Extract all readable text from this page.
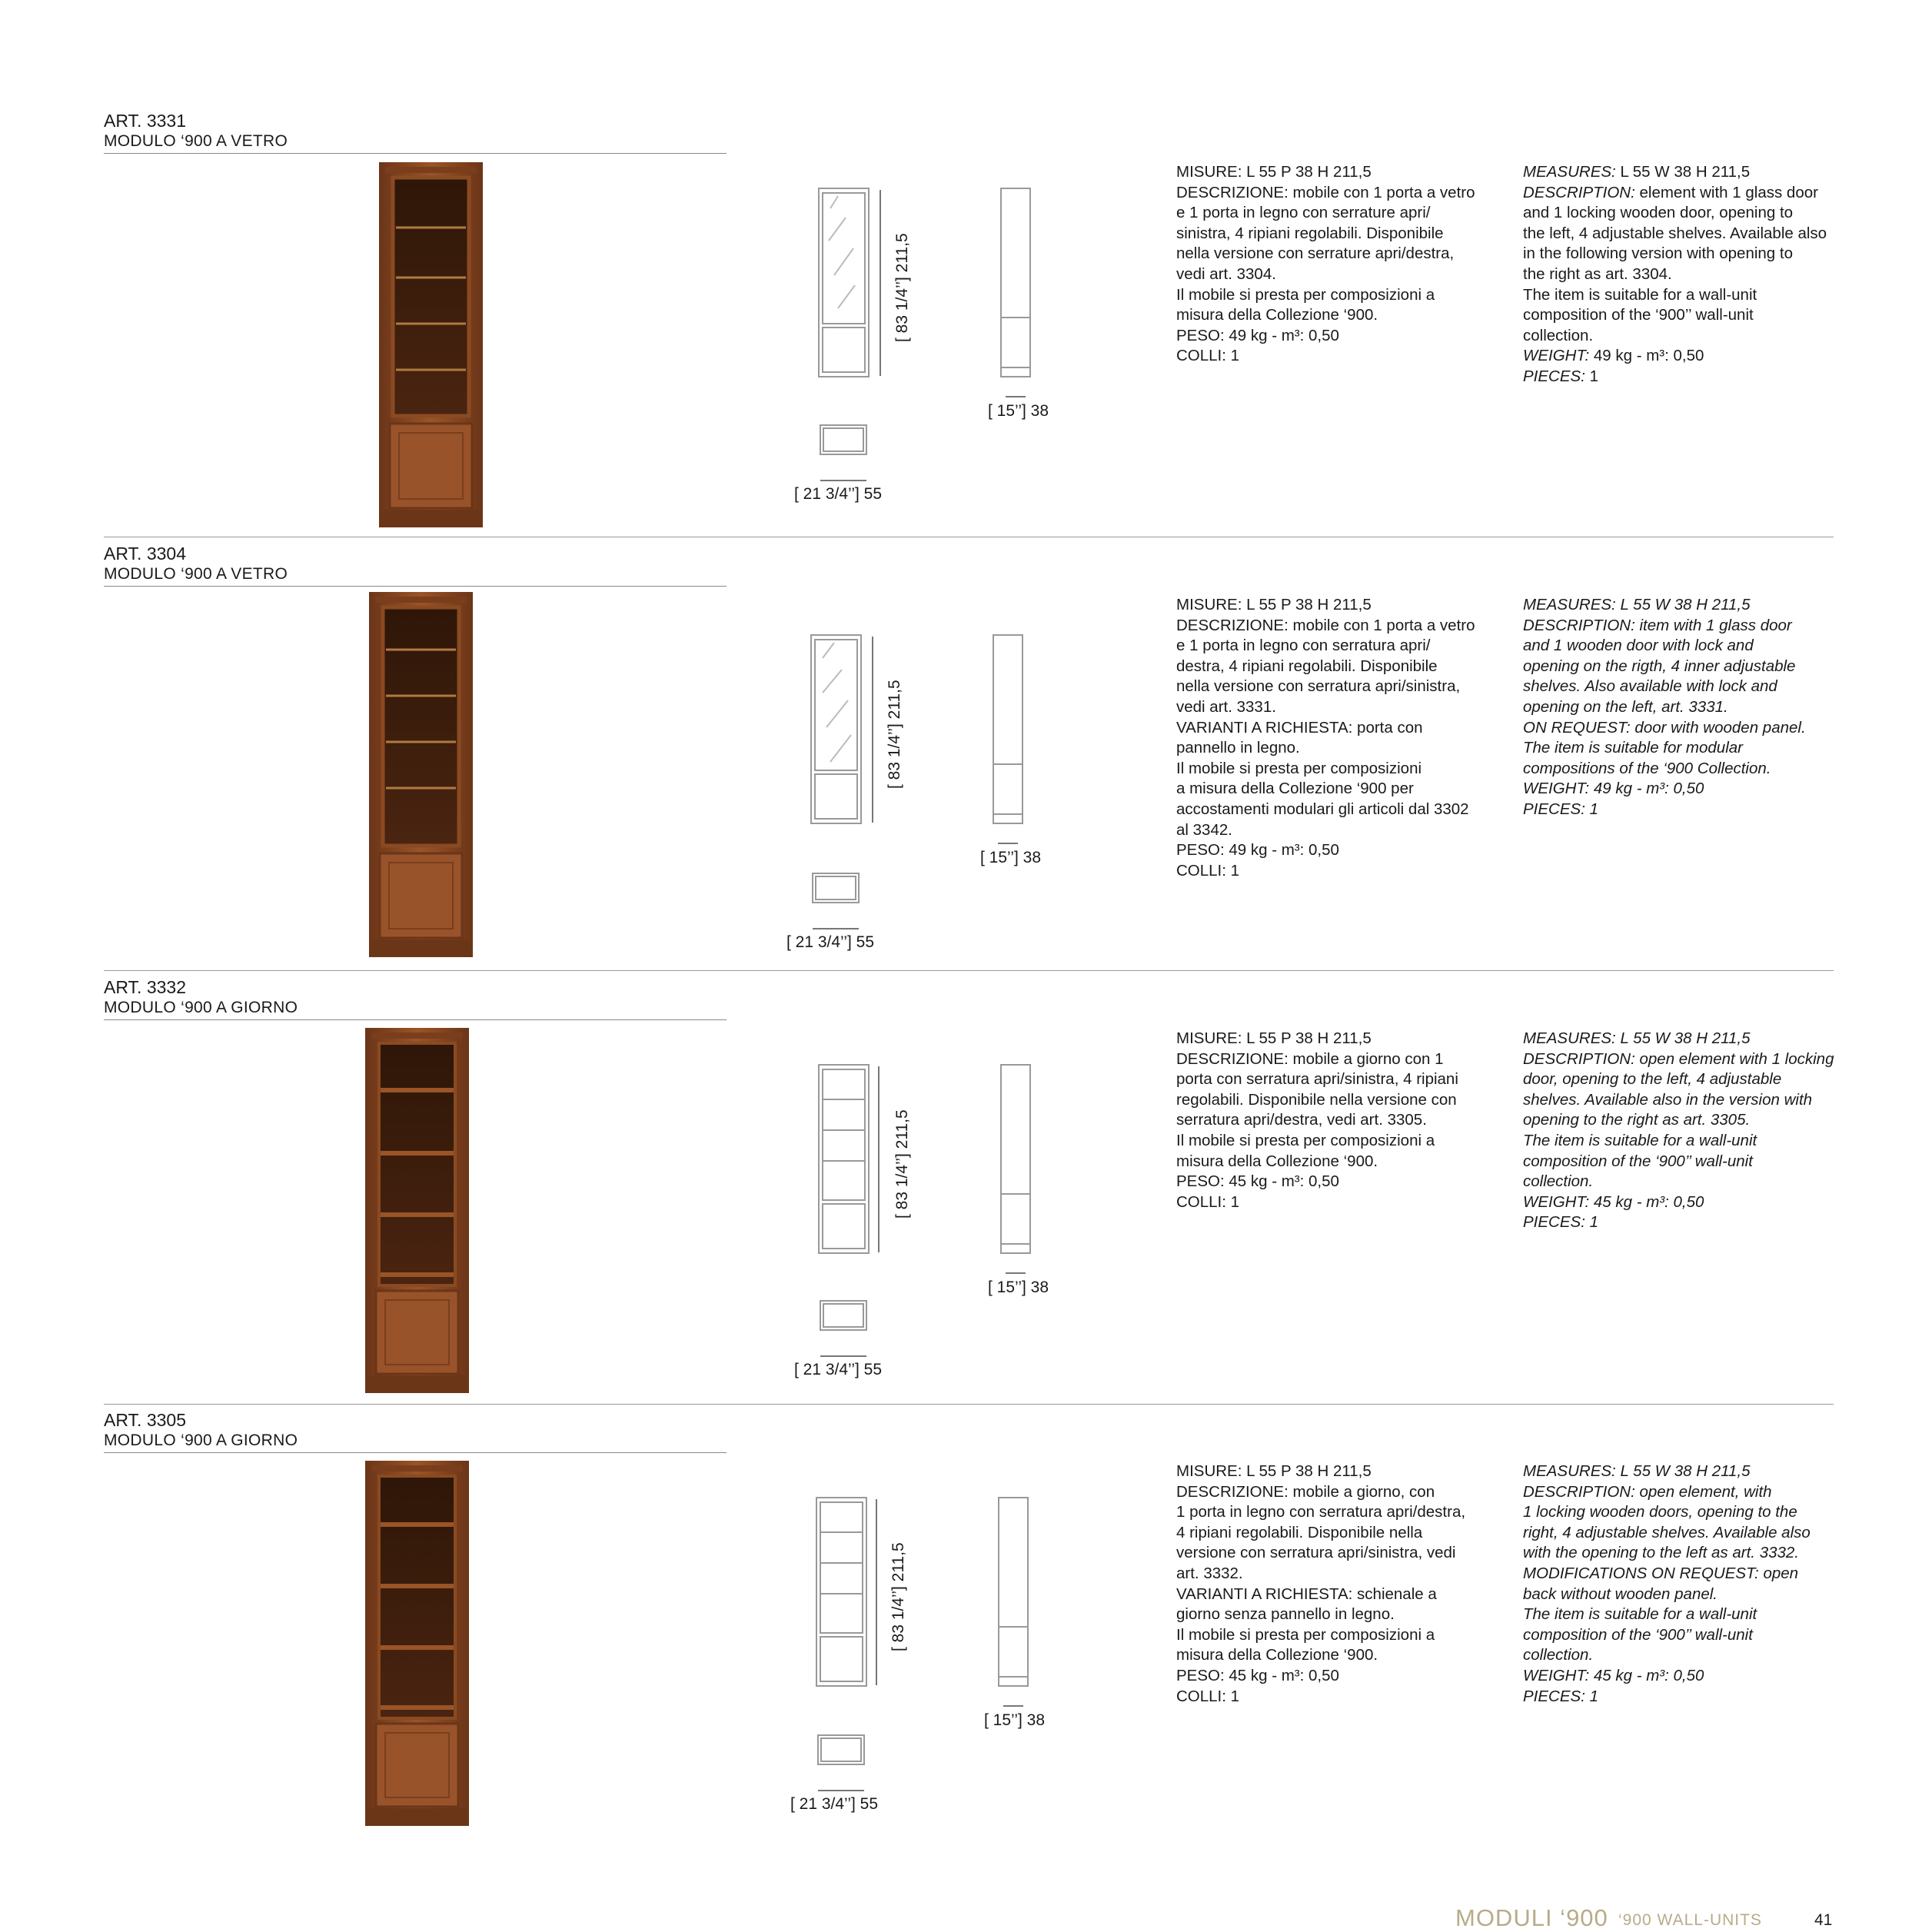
ART. 3331
MODULO ‘900 A VETRO
[ 83 1/4’’] 211,5
[ 15’’] 38
[ 21 3/4’’] 55
MISURE: L 55 P 38 H 211,5
DESCRIZIONE: mobile con 1 porta a vetro
e 1 porta in legno con serrature apri/
sinistra, 4 ripiani regolabili. Disponibile
nella versione con serrature apri/destra,
vedi art. 3304.
Il mobile si presta per composizioni a
misura della Collezione ‘900.
PESO: 49 kg - m³: 0,50
COLLI: 1
MEASURES: L 55 W 38 H 211,5
DESCRIPTION: element with 1 glass door
and 1 locking wooden door, opening to
the left, 4 adjustable shelves. Available also
in the following version with opening to
the right as art. 3304.
The item is suitable for a wall-unit
composition of the ‘900’’ wall-unit
collection.
WEIGHT: 49 kg - m³: 0,50
PIECES: 1
ART. 3304
MODULO ‘900 A VETRO
[ 83 1/4’’] 211,5
[ 15’’] 38
[ 21 3/4’’] 55
MISURE: L 55 P 38 H 211,5
DESCRIZIONE: mobile con 1 porta a vetro
e 1 porta in legno con serratura apri/
destra, 4 ripiani regolabili. Disponibile
nella versione con serratura apri/sinistra,
vedi art. 3331.
VARIANTI A RICHIESTA: porta con
pannello in legno.
Il mobile si presta per composizioni
a misura della Collezione ‘900 per
accostamenti modulari gli articoli dal 3302
al 3342.
PESO: 49 kg - m³: 0,50
COLLI: 1
MEASURES: L 55 W 38 H 211,5
DESCRIPTION: item with 1 glass door
and 1 wooden door with lock and
opening on the rigth, 4 inner adjustable
shelves. Also available with lock and
opening on the left, art. 3331.
ON REQUEST: door with wooden panel.
The item is suitable for modular
compositions of the ‘900 Collection.
WEIGHT: 49 kg - m³: 0,50
PIECES: 1
ART. 3332
MODULO ‘900 A GIORNO
[ 83 1/4’’] 211,5
[ 15’’] 38
[ 21 3/4’’] 55
MISURE: L 55 P 38 H 211,5
DESCRIZIONE: mobile a giorno con 1
porta con serratura apri/sinistra, 4 ripiani
regolabili. Disponibile nella versione con
serratura apri/destra, vedi art. 3305.
Il mobile si presta per composizioni a
misura della Collezione ‘900.
PESO: 45 kg - m³: 0,50
COLLI: 1
MEASURES: L 55 W 38 H 211,5
DESCRIPTION: open element with 1 locking
door, opening to the left, 4 adjustable
shelves. Available also in the version with
opening to the right as art. 3305.
The item is suitable for a wall-unit
composition of the ‘900’’ wall-unit
collection.
WEIGHT: 45 kg - m³: 0,50
PIECES: 1
ART. 3305
MODULO ‘900 A GIORNO
[ 83 1/4’’] 211,5
[ 15’’] 38
[ 21 3/4’’] 55
MISURE: L 55 P 38 H 211,5
DESCRIZIONE: mobile a giorno, con
1 porta in legno con serratura apri/destra,
4 ripiani regolabili. Disponibile nella
versione con serratura apri/sinistra, vedi
art. 3332.
VARIANTI A RICHIESTA: schienale a
giorno senza pannello in legno.
Il mobile si presta per composizioni a
misura della Collezione ‘900.
PESO: 45 kg - m³: 0,50
COLLI: 1
MEASURES: L 55 W 38 H 211,5
DESCRIPTION: open element, with
1 locking wooden doors, opening to the
right, 4 adjustable shelves. Available also
with the opening to the left as art. 3332.
MODIFICATIONS ON REQUEST: open
back without wooden panel.
The item is suitable for a wall-unit
composition of the ‘900’’ wall-unit
collection.
WEIGHT: 45 kg - m³: 0,50
PIECES: 1
MODULI ‘900 ‘900 WALL-UNITS	41
